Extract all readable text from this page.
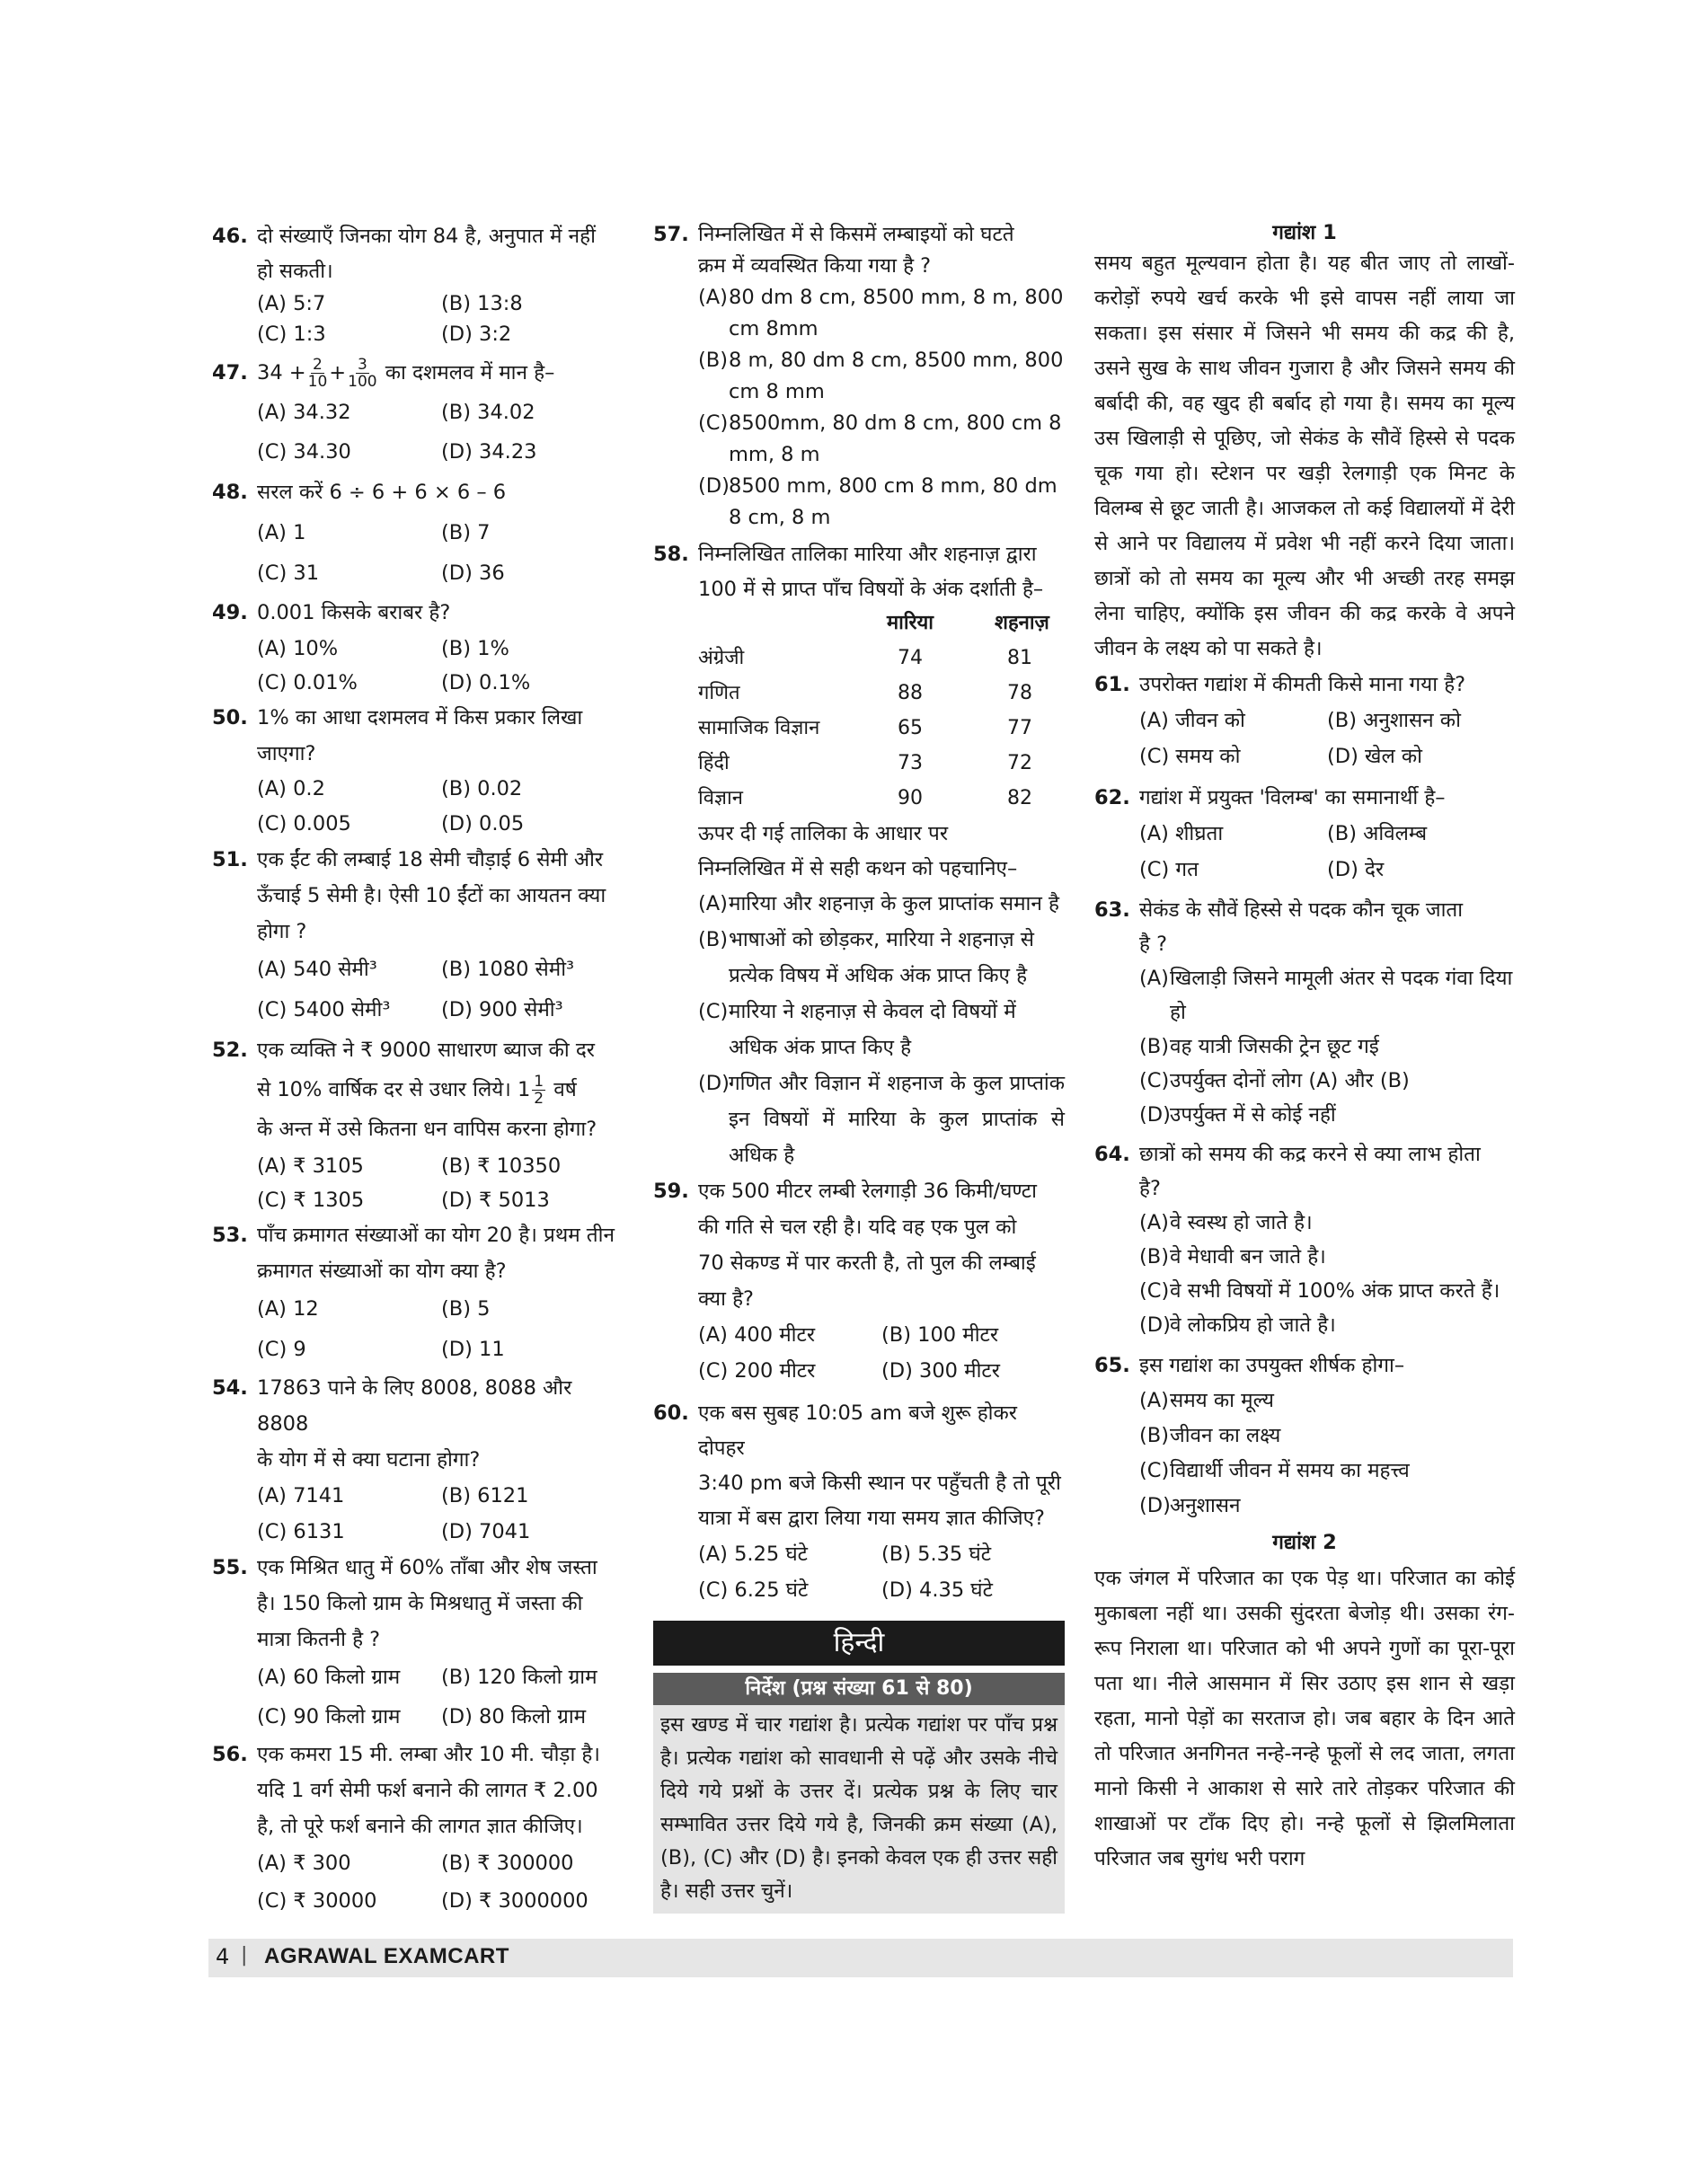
46. दो संख्याएँ जिनका योग 84 है, अनुपात में नहीं
हो सकती।
(A) 5:7	(B) 13:8
(C) 1:3	(D) 3:2
47. $34 + \frac{2}{10} + \frac{3}{100}$ का दशमलव में मान है–
(A) 34.32	(B) 34.02
(C) 34.30	(D) 34.23
48. सरल करें 6 ÷ 6 + 6 × 6 – 6
(A) 1	(B) 7
(C) 31	(D) 36
49. 0.001 किसके बराबर है?
(A) 10%	(B) 1%
(C) 0.01%	(D) 0.1%
50. 1% का आधा दशमलव में किस प्रकार लिखा
जाएगा?
(A) 0.2	(B) 0.02
(C) 0.005	(D) 0.05
51. एक ईंट की लम्बाई 18 सेमी चौड़ाई 6 सेमी और
ऊँचाई 5 सेमी है। ऐसी 10 ईंटों का आयतन क्या
होगा ?
(A) 540 सेमी³	(B) 1080 सेमी³
(C) 5400 सेमी³	(D) 900 सेमी³
52. एक व्यक्ति ने ₹ 9000 साधारण ब्याज की दर
से 10% वार्षिक दर से उधार लिये। $1 \frac{1}{2}$ वर्ष
के अन्त में उसे कितना धन वापिस करना होगा?
(A) ₹ 3105	(B) ₹ 10350
(C) ₹ 1305	(D) ₹ 5013
53. पाँच क्रमागत संख्याओं का योग 20 है। प्रथम तीन
क्रमागत संख्याओं का योग क्या है?
(A) 12	(B) 5
(C) 9	(D) 11
54. 17863 पाने के लिए 8008, 8088 और 8808
के योग में से क्या घटाना होगा?
(A) 7141	(B) 6121
(C) 6131	(D) 7041
55. एक मिश्रित धातु में 60% ताँबा और शेष जस्ता
है। 150 किलो ग्राम के मिश्रधातु में जस्ता की
मात्रा कितनी है ?
(A) 60 किलो ग्राम	(B) 120 किलो ग्राम
(C) 90 किलो ग्राम	(D) 80 किलो ग्राम
56. एक कमरा 15 मी. लम्बा और 10 मी. चौड़ा है।
यदि 1 वर्ग सेमी फर्श बनाने की लागत ₹ 2.00
है, तो पूरे फर्श बनाने की लागत ज्ञात कीजिए।
(A) ₹ 300	(B) ₹ 300000
(C) ₹ 30000	(D) ₹ 3000000
57. निम्नलिखित में से किसमें लम्बाइयों को घटते
क्रम में व्यवस्थित किया गया है ?
(A) 80 dm 8 cm, 8500 mm, 8 m, 800 cm 8mm
(B) 8 m, 80 dm 8 cm, 8500 mm, 800 cm 8 mm
(C) 8500mm, 80 dm 8 cm, 800 cm 8 mm, 8 m
(D) 8500 mm, 800 cm 8 mm, 80 dm 8 cm, 8 m
58. निम्नलिखित तालिका मारिया और शहनाज़ द्वारा
100 में से प्राप्त पाँच विषयों के अंक दर्शाती है–
	मारिया	शहनाज़
अंग्रेजी	74	81
गणित	88	78
सामाजिक विज्ञान	65	77
हिंदी	73	72
विज्ञान	90	82
ऊपर दी गई तालिका के आधार पर
निम्नलिखित में से सही कथन को पहचानिए–
(A) मारिया और शहनाज़ के कुल प्राप्तांक समान है
(B) भाषाओं को छोड़कर, मारिया ने शहनाज़ से प्रत्येक विषय में अधिक अंक प्राप्त किए है
(C) मारिया ने शहनाज़ से केवल दो विषयों में अधिक अंक प्राप्त किए है
(D) गणित और विज्ञान में शहनाज के कुल प्राप्तांक इन विषयों में मारिया के कुल प्राप्तांक से अधिक है
59. एक 500 मीटर लम्बी रेलगाड़ी 36 किमी/घण्टा
की गति से चल रही है। यदि वह एक पुल को
70 सेकण्ड में पार करती है, तो पुल की लम्बाई
क्या है?
(A) 400 मीटर	(B) 100 मीटर
(C) 200 मीटर	(D) 300 मीटर
60. एक बस सुबह 10:05 am बजे शुरू होकर दोपहर
3:40 pm बजे किसी स्थान पर पहुँचती है तो पूरी
यात्रा में बस द्वारा लिया गया समय ज्ञात कीजिए?
(A) 5.25 घंटे	(B) 5.35 घंटे
(C) 6.25 घंटे	(D) 4.35 घंटे
हिन्दी
निर्देश (प्रश्न संख्या 61 से 80)
इस खण्ड में चार गद्यांश है। प्रत्येक गद्यांश पर पाँच प्रश्न है। प्रत्येक गद्यांश को सावधानी से पढ़ें और उसके नीचे दिये गये प्रश्नों के उत्तर दें। प्रत्येक प्रश्न के लिए चार सम्भावित उत्तर दिये गये है, जिनकी क्रम संख्या (A), (B), (C) और (D) है। इनको केवल एक ही उत्तर सही है। सही उत्तर चुनें।
गद्यांश 1
समय बहुत मूल्यवान होता है। यह बीत जाए तो लाखों-करोड़ों रुपये खर्च करके भी इसे वापस नहीं लाया जा सकता। इस संसार में जिसने भी समय की कद्र की है, उसने सुख के साथ जीवन गुजारा है और जिसने समय की बर्बादी की, वह खुद ही बर्बाद हो गया है। समय का मूल्य उस खिलाड़ी से पूछिए, जो सेकंड के सौवें हिस्से से पदक चूक गया हो। स्टेशन पर खड़ी रेलगाड़ी एक मिनट के विलम्ब से छूट जाती है। आजकल तो कई विद्यालयों में देरी से आने पर विद्यालय में प्रवेश भी नहीं करने दिया जाता। छात्रों को तो समय का मूल्य और भी अच्छी तरह समझ लेना चाहिए, क्योंकि इस जीवन की कद्र करके वे अपने जीवन के लक्ष्य को पा सकते है।
61. उपरोक्त गद्यांश में कीमती किसे माना गया है?
(A) जीवन को	(B) अनुशासन को
(C) समय को	(D) खेल को
62. गद्यांश में प्रयुक्त 'विलम्ब' का समानार्थी है–
(A) शीघ्रता	(B) अविलम्ब
(C) गत	(D) देर
63. सेकंड के सौवें हिस्से से पदक कौन चूक जाता
है ?
(A) खिलाड़ी जिसने मामूली अंतर से पदक गंवा दिया हो
(B) वह यात्री जिसकी ट्रेन छूट गई
(C) उपर्युक्त दोनों लोग (A) और (B)
(D) उपर्युक्त में से कोई नहीं
64. छात्रों को समय की कद्र करने से क्या लाभ होता
है?
(A) वे स्वस्थ हो जाते है।
(B) वे मेधावी बन जाते है।
(C) वे सभी विषयों में 100% अंक प्राप्त करते हैं।
(D) वे लोकप्रिय हो जाते है।
65. इस गद्यांश का उपयुक्त शीर्षक होगा–
(A) समय का मूल्य
(B) जीवन का लक्ष्य
(C) विद्यार्थी जीवन में समय का महत्त्व
(D) अनुशासन
गद्यांश 2
एक जंगल में परिजात का एक पेड़ था। परिजात का कोई मुकाबला नहीं था। उसकी सुंदरता बेजोड़ थी। उसका रंग-रूप निराला था। परिजात को भी अपने गुणों का पूरा-पूरा पता था। नीले आसमान में सिर उठाए इस शान से खड़ा रहता, मानो पेड़ों का सरताज हो। जब बहार के दिन आते तो परिजात अनगिनत नन्हे-नन्हे फूलों से लद जाता, लगता मानो किसी ने आकाश से सारे तारे तोड़कर परिजात की शाखाओं पर टाँक दिए हो। नन्हे फूलों से झिलमिलाता परिजात जब सुगंध भरी पराग
4 | AGRAWAL EXAMCART
